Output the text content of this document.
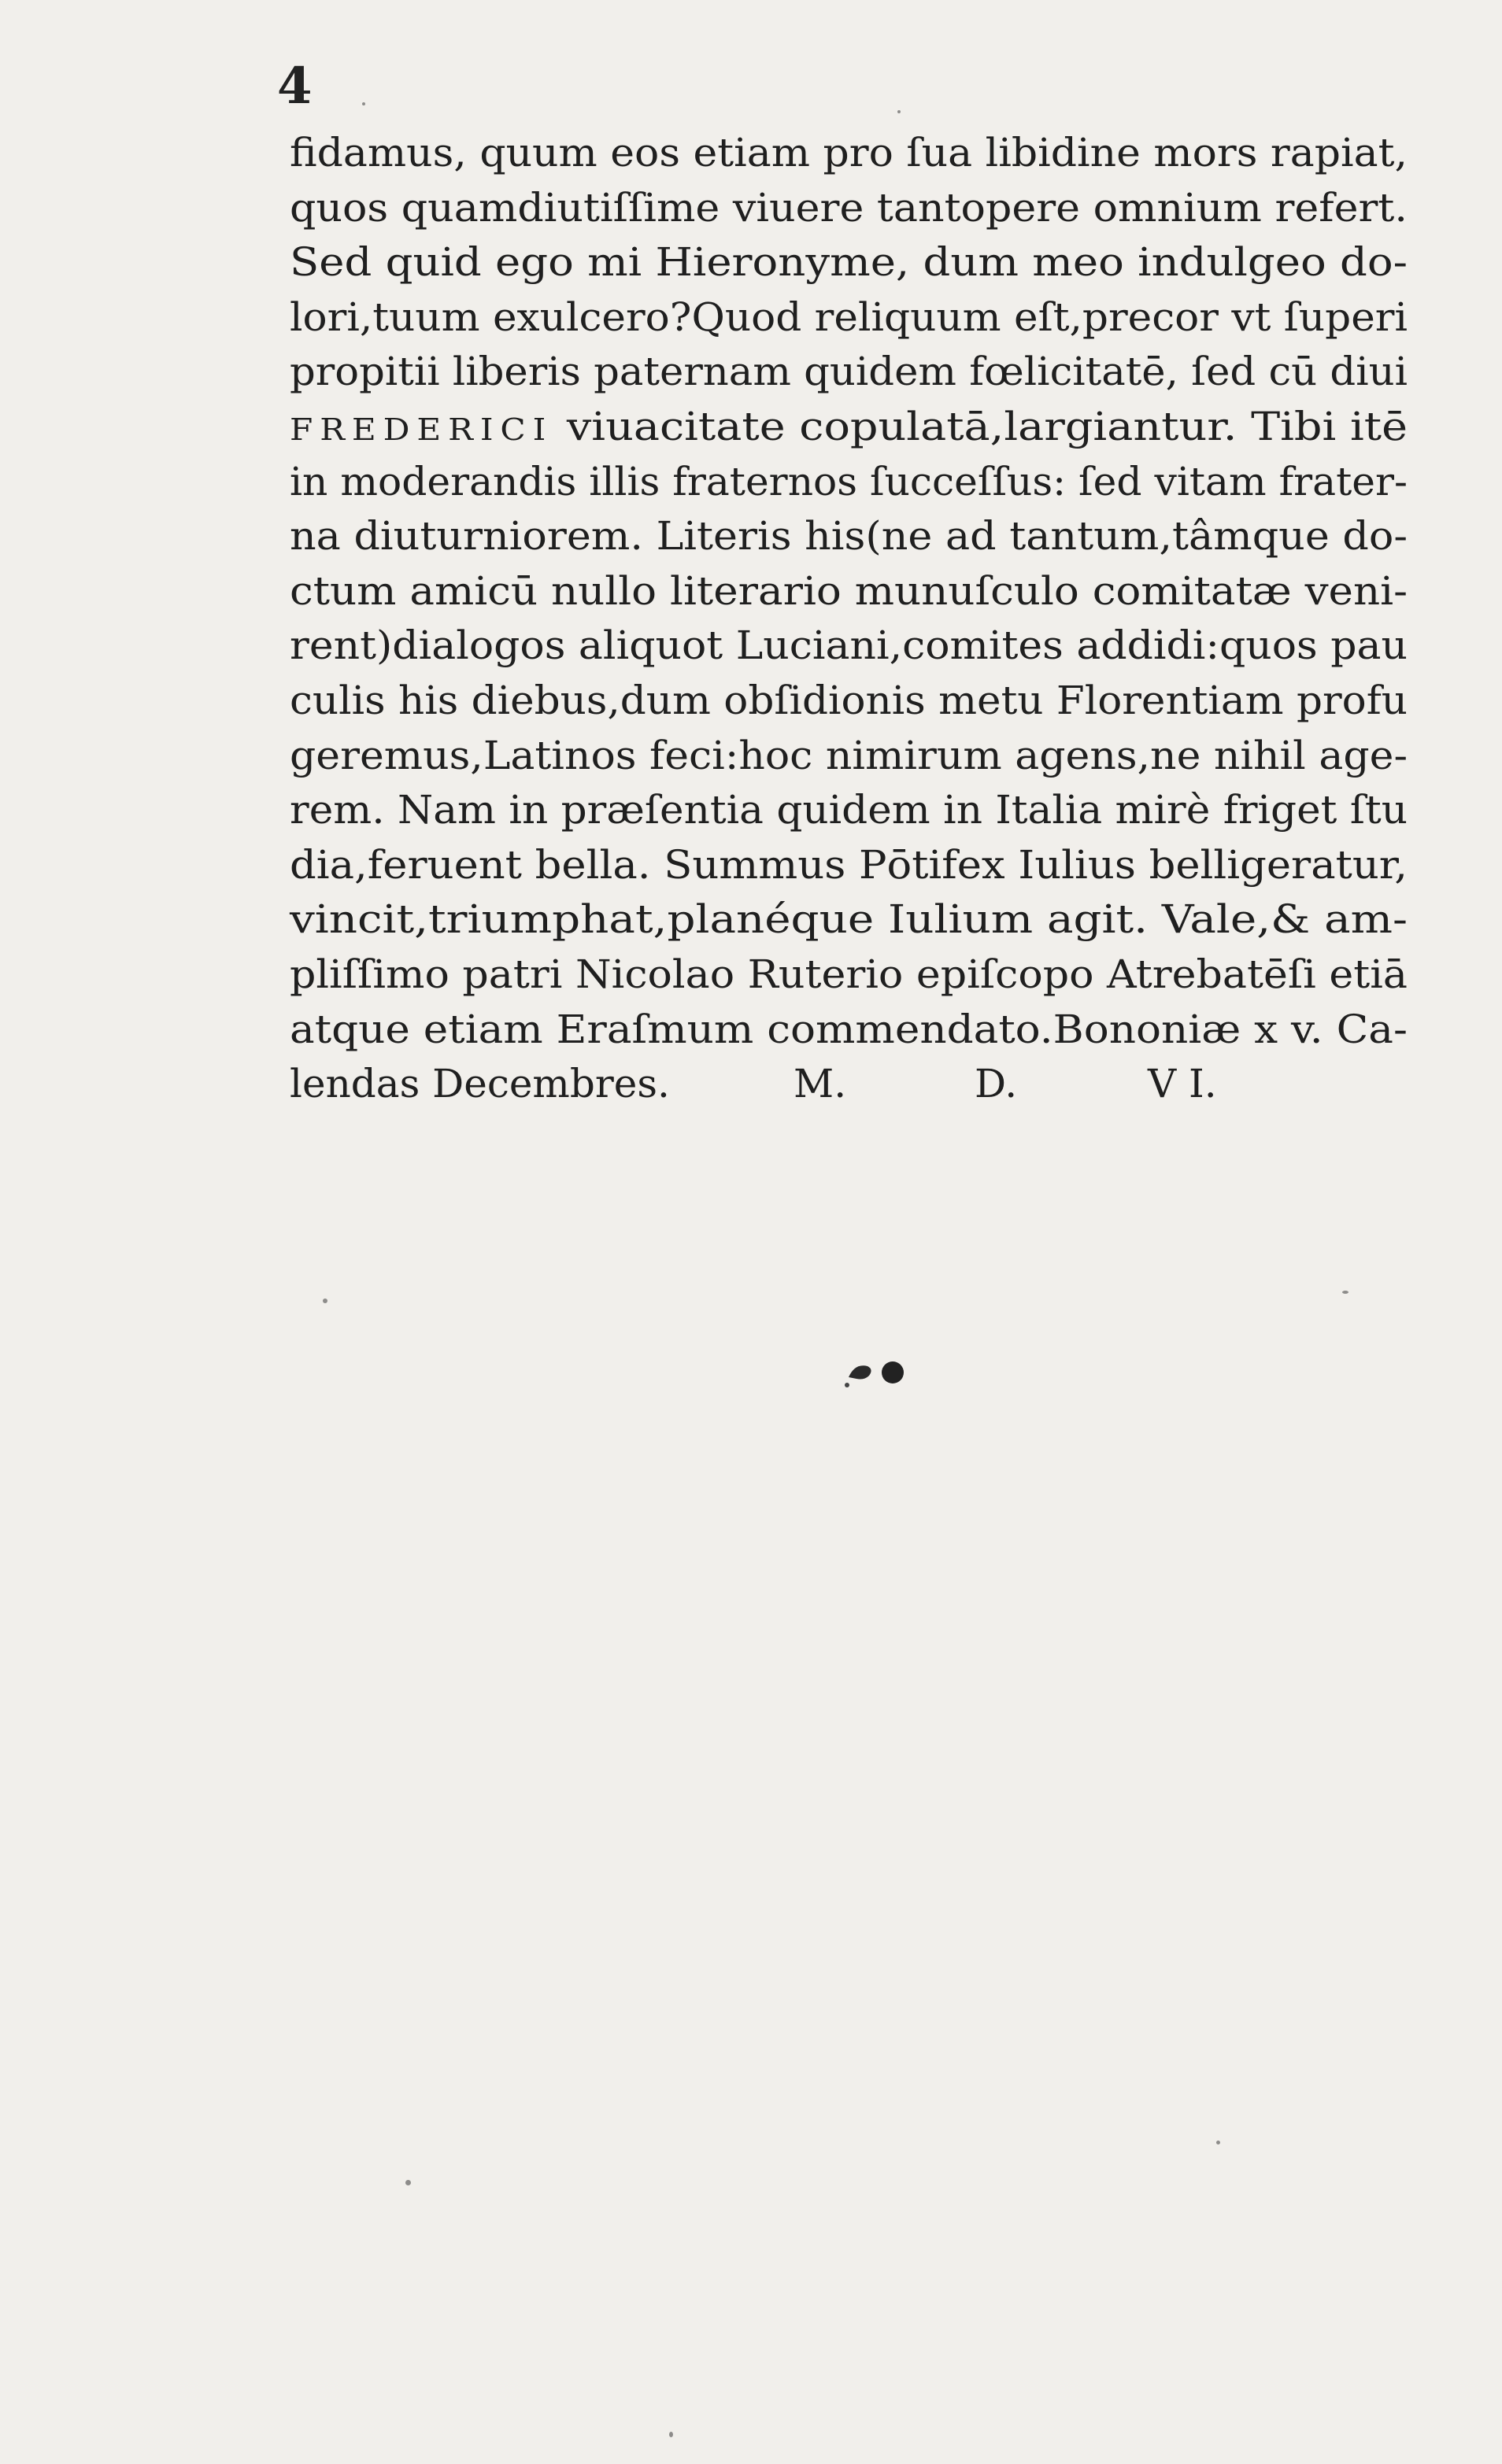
4
fidamus, quum eos etiam pro ſua libidine mors rapiat,
quos quamdiutiſſime viuere tantopere omnium refert.
Sed quid ego mi Hieronyme, dum meo indulgeo do-
lori,tuum exulcero?Quod reliquum eſt,precor vt ſuperi
propitii liberis paternam quidem fœlicitatē, ſed cū diui
FREDERICI viuacitate copulatā,largiantur. Tibi itē
in moderandis illis fraternos ſucceſſus: ſed vitam frater-
na diuturniorem. Literis his(ne ad tantum,tâmque do-
ctum amicū nullo literario munuſculo comitatæ veni-
rent)dialogos aliquot Luciani,comites addidi:quos pau
culis his diebus,dum obſidionis metu Florentiam profu
geremus,Latinos feci:hoc nimirum agens,ne nihil age-
rem. Nam in præſentia quidem in Italia mirè friget ſtu
dia,feruent bella. Summus Pōtifex Iulius belligeratur,
vincit,triumphat,planéque Iulium agit. Vale,& am-
pliſſimo patri Nicolao Ruterio epiſcopo Atrebatēſi etiā
atque etiam Eraſmum commendato.Bononiæ x v. Ca-
lendas Decembres.	M.	D.	V I.
